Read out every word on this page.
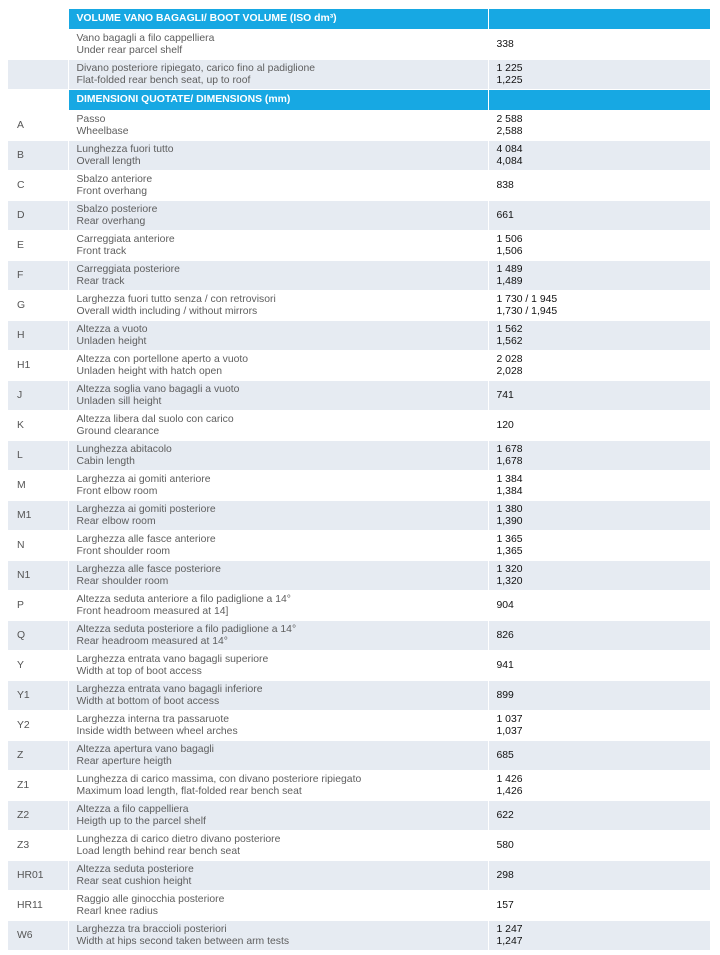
	VOLUME VANO BAGAGLI/ BOOT VOLUME (ISO dm³)	

	Vano bagagli a filo cappelliera
Under rear parcel shelf	338

	Divano posteriore ripiegato, carico fino al padiglione
Flat-folded rear bench seat, up to roof	1 225
1,225

	DIMENSIONI QUOTATE/ DIMENSIONS (mm)	
A	Passo
Wheelbase	2 588
2,588

B	Lunghezza fuori tutto
Overall length	4 084
4,084

C	Sbalzo anteriore
Front overhang	838

D	Sbalzo posteriore
Rear overhang	661

E	Carreggiata anteriore
Front track	1 506
1,506

F	Carreggiata posteriore
Rear track	1 489
1,489

G	Larghezza fuori tutto senza / con retrovisori
Overall width including / without mirrors	1 730 / 1 945
1,730 / 1,945

H	Altezza a vuoto
Unladen height	1 562
1,562

H1	Altezza con portellone aperto a vuoto
Unladen height with hatch open	2 028
2,028

J	Altezza soglia vano bagagli a vuoto
Unladen sill height	741

K	Altezza libera dal suolo con carico
Ground clearance	120

L	Lunghezza abitacolo
Cabin length	1 678
1,678

M	Larghezza ai gomiti anteriore
Front elbow room	1 384
1,384

M1	Larghezza ai gomiti posteriore
Rear elbow room	1 380
1,390

N	Larghezza alle fasce anteriore
Front shoulder room	1 365
1,365

N1	Larghezza alle fasce posteriore
Rear shoulder room	1 320
1,320

P	Altezza seduta anteriore a filo padiglione a 14°
Front headroom measured at 14]	904

Q	Altezza seduta posteriore a filo padiglione a 14°
Rear headroom measured at 14°	826

Y	Larghezza entrata vano bagagli superiore
Width at top of boot access	941

Y1	Larghezza entrata vano bagagli inferiore
Width at bottom of boot access	899

Y2	Larghezza interna tra passaruote
Inside width between wheel arches	1 037
1,037

Z	Altezza apertura vano bagagli
Rear aperture heigth	685

Z1	Lunghezza di carico massima, con divano posteriore ripiegato
Maximum load length, flat-folded rear bench seat	1 426
1,426

Z2	Altezza a filo cappelliera
Heigth up to the parcel shelf	622

Z3	Lunghezza di carico dietro divano posteriore
Load length behind rear bench seat	580

HR01	Altezza seduta posteriore
Rear seat cushion height	298

HR11	Raggio alle ginocchia posteriore
Rearl knee radius	157

W6	Larghezza tra braccioli posteriori
Width at hips second taken between arm tests	1 247
1,247
